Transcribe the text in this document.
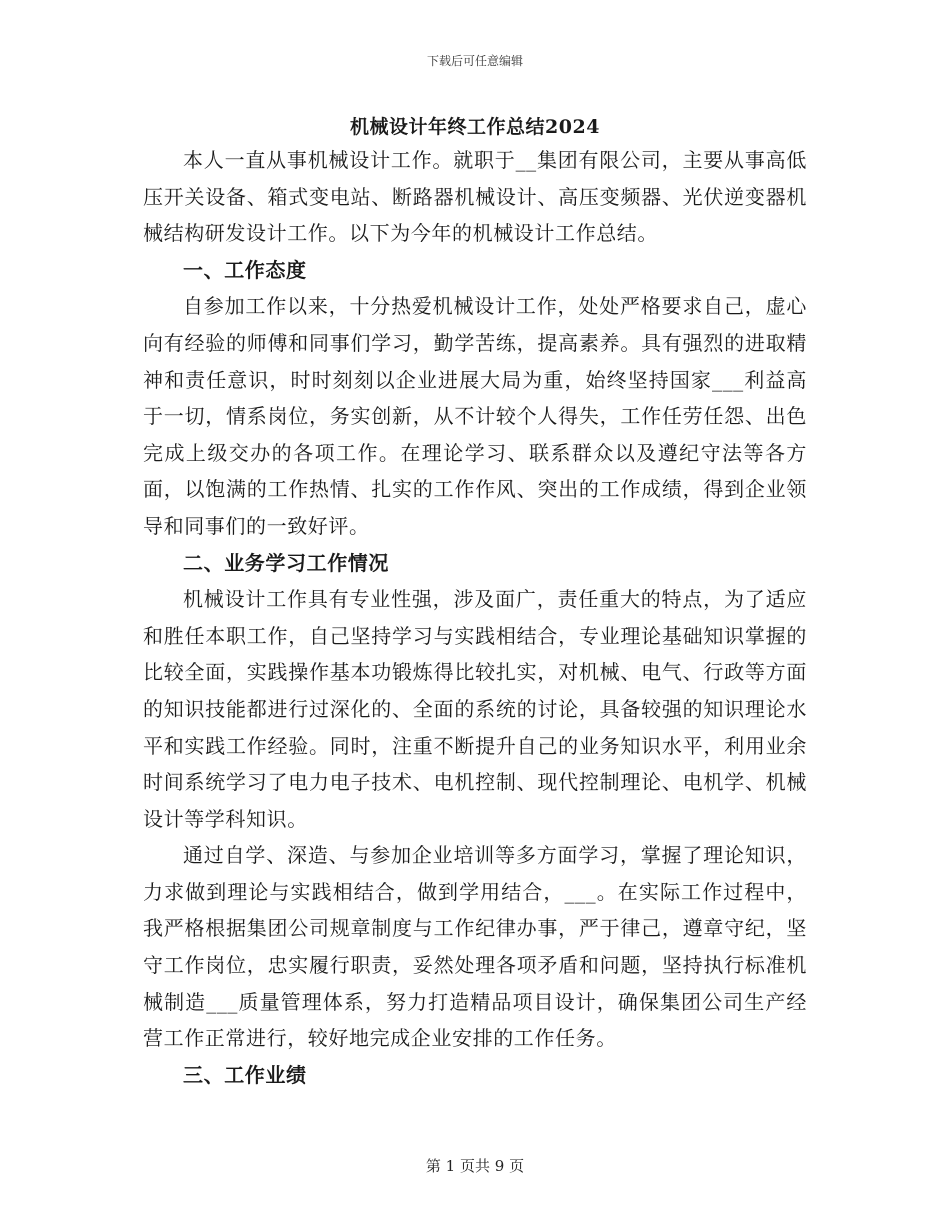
下载后可任意编辑
机械设计年终工作总结2024

本人一直从事机械设计工作。就职于__集团有限公司，主要从事高低压开关设备、箱式变电站、断路器机械设计、高压变频器、光伏逆变器机械结构研发设计工作。以下为今年的机械设计工作总结。

一、工作态度

自参加工作以来，十分热爱机械设计工作，处处严格要求自己，虚心向有经验的师傅和同事们学习，勤学苦练，提高素养。具有强烈的进取精神和责任意识，时时刻刻以企业进展大局为重，始终坚持国家___利益高于一切，情系岗位，务实创新，从不计较个人得失，工作任劳任怨、出色完成上级交办的各项工作。在理论学习、联系群众以及遵纪守法等各方面，以饱满的工作热情、扎实的工作作风、突出的工作成绩，得到企业领导和同事们的一致好评。

二、业务学习工作情况

机械设计工作具有专业性强，涉及面广，责任重大的特点，为了适应和胜任本职工作，自己坚持学习与实践相结合，专业理论基础知识掌握的比较全面，实践操作基本功锻炼得比较扎实，对机械、电气、行政等方面的知识技能都进行过深化的、全面的系统的讨论，具备较强的知识理论水平和实践工作经验。同时，注重不断提升自己的业务知识水平，利用业余时间系统学习了电力电子技术、电机控制、现代控制理论、电机学、机械设计等学科知识。

通过自学、深造、与参加企业培训等多方面学习，掌握了理论知识，力求做到理论与实践相结合，做到学用结合，___。在实际工作过程中，我严格根据集团公司规章制度与工作纪律办事，严于律己，遵章守纪，坚守工作岗位，忠实履行职责，妥然处理各项矛盾和问题，坚持执行标准机械制造___质量管理体系，努力打造精品项目设计，确保集团公司生产经营工作正常进行，较好地完成企业安排的工作任务。

三、工作业绩
第 1 页共 9 页
